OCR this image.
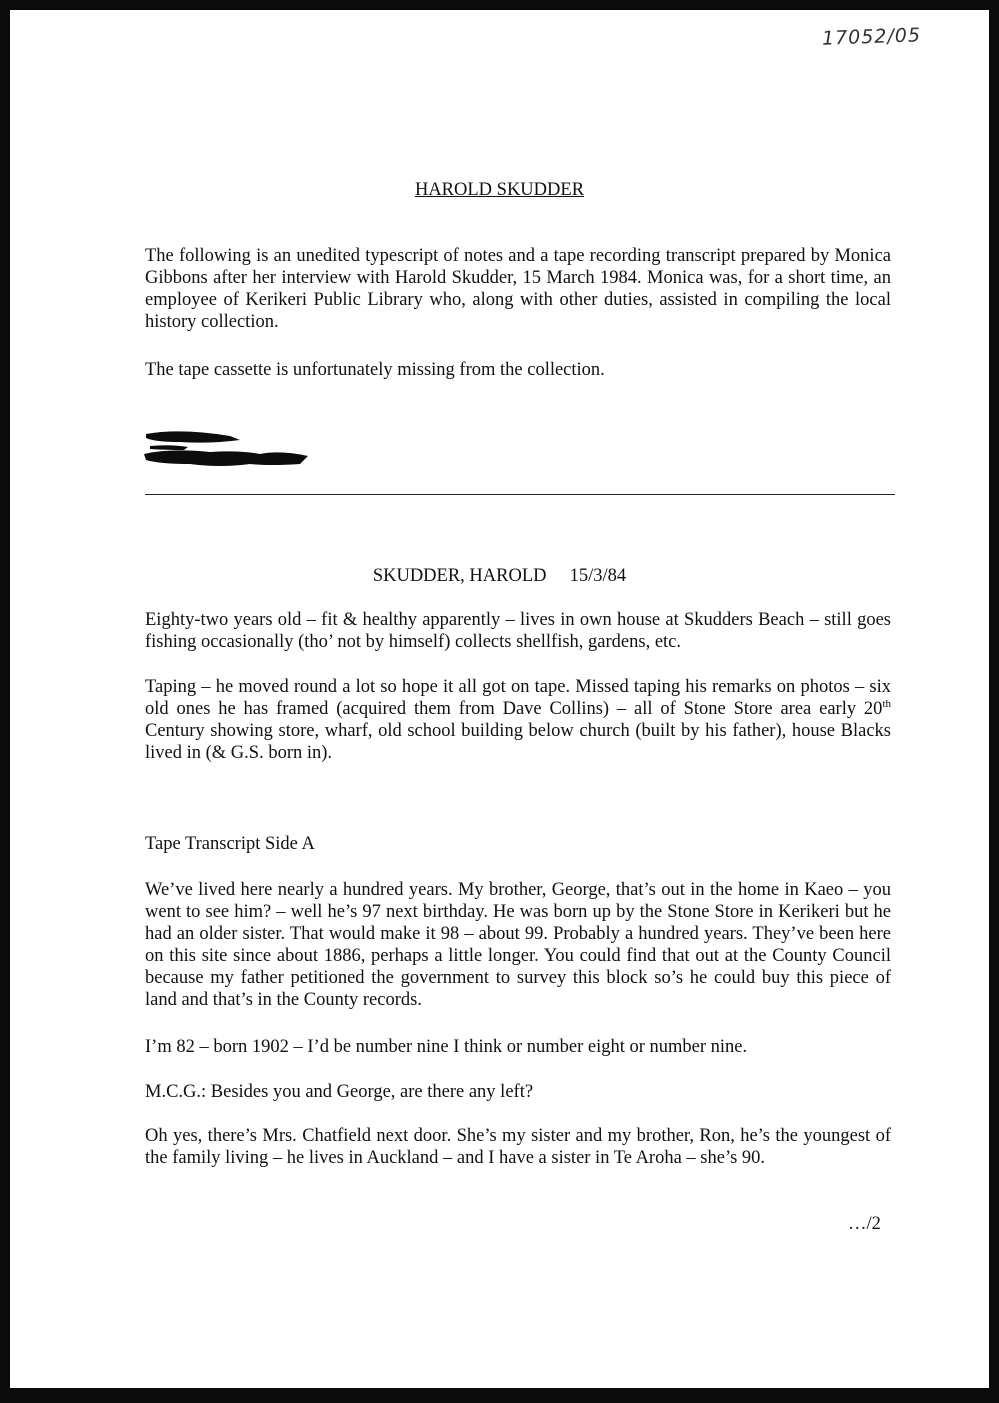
17052/05
HAROLD SKUDDER

The following is an unedited typescript of notes and a tape recording transcript prepared by Monica Gibbons after her interview with Harold Skudder, 15 March 1984. Monica was, for a short time, an employee of Kerikeri Public Library who, along with other duties, assisted in compiling the local history collection.

The tape cassette is unfortunately missing from the collection.

SKUDDER, HAROLD     15/3/84

Eighty-two years old – fit & healthy apparently – lives in own house at Skudders Beach – still goes fishing occasionally (tho’ not by himself) collects shellfish, gardens, etc.

Taping – he moved round a lot so hope it all got on tape. Missed taping his remarks on photos – six old ones he has framed (acquired them from Dave Collins) – all of Stone Store area early 20th Century showing store, wharf, old school building below church (built by his father), house Blacks lived in (& G.S. born in).

Tape Transcript Side A

We’ve lived here nearly a hundred years. My brother, George, that’s out in the home in Kaeo – you went to see him? – well he’s 97 next birthday. He was born up by the Stone Store in Kerikeri but he had an older sister. That would make it 98 – about 99. Probably a hundred years. They’ve been here on this site since about 1886, perhaps a little longer. You could find that out at the County Council because my father petitioned the government to survey this block so’s he could buy this piece of land and that’s in the County records.

I’m 82 – born 1902 – I’d be number nine I think or number eight or number nine.

M.C.G.: Besides you and George, are there any left?

Oh yes, there’s Mrs. Chatfield next door. She’s my sister and my brother, Ron, he’s the youngest of the family living – he lives in Auckland – and I have a sister in Te Aroha – she’s 90.

…/2
